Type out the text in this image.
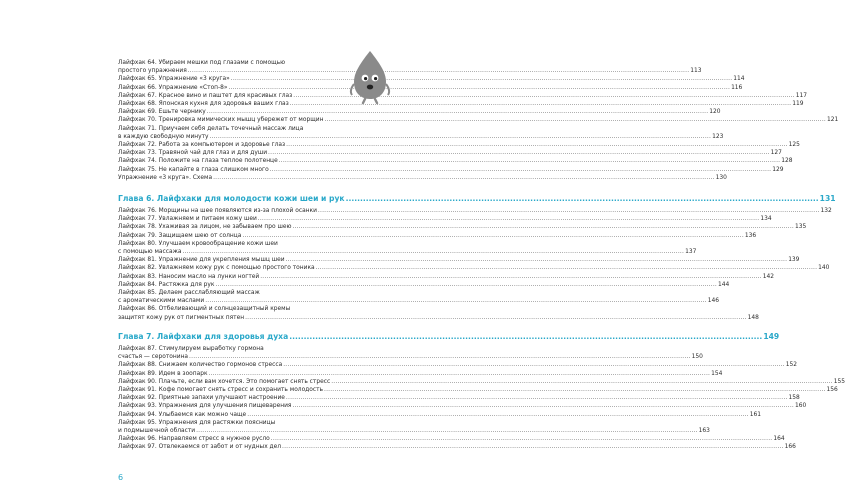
Лайфхак 64. Убираем мешки под глазами с помощью
простого упражнения .....	113
Лайфхак 65. Упражнение «3 круга» .....	114
Лайфхак 66. Упражнение «Стоп-8» .....	116
Лайфхак 67. Красное вино и паштет для красивых глаз .....	117
Лайфхак 68. Японская кухня для здоровья ваших глаз .....	119
Лайфхак 69. Ешьте чернику .....	120
Лайфхак 70. Тренировка мимических мышц убережет от морщин .....	121
Лайфхак 71. Приучаем себя делать точечный массаж лица
в каждую свободную минуту .....	123
Лайфхак 72. Работа за компьютером и здоровье глаз .....	125
Лайфхак 73. Травяной чай для глаз и для души .....	127
Лайфхак 74. Положите на глаза теплое полотенце .....	128
Лайфхак 75. Не капайте в глаза слишком много .....	129
Упражнение «3 круга». Схема .....	130
Глава 6. Лайфхаки для молодости кожи шеи и рук .....	131
Лайфхак 76. Морщины на шее появляются из-за плохой осанки .....	132
Лайфхак 77. Увлажняем и питаем кожу шеи .....	134
Лайфхак 78. Ухаживая за лицом, не забываем про шею .....	135
Лайфхак 79. Защищаем шею от солнца .....	136
Лайфхак 80. Улучшаем кровообращение кожи шеи
с помощью массажа .....	137
Лайфхак 81. Упражнение для укрепления мышц шеи .....	139
Лайфхак 82. Увлажняем кожу рук с помощью простого тоника .....	140
Лайфхак 83. Наносим масло на лунки ногтей .....	142
Лайфхак 84. Растяжка для рук .....	144
Лайфхак 85. Делаем расслабляющий массаж
с ароматическими маслами .....	146
Лайфхак 86. Отбеливающий и солнцезащитный кремы
защитят кожу рук от пигментных пятен .....	148
Глава 7. Лайфхаки для здоровья духа .....	149
Лайфхак 87. Стимулируем выработку гормона
счастья — серотонина .....	150
Лайфхак 88. Снижаем количество гормонов стресса .....	152
Лайфхак 89. Идем в зоопарк .....	154
Лайфхак 90. Плачьте, если вам хочется. Это помогает снять стресс .....	155
Лайфхак 91. Кофе помогает снять стресс и сохранить молодость .....	156
Лайфхак 92. Приятные запахи улучшают настроение .....	158
Лайфхак 93. Упражнения для улучшения пищеварения .....	160
Лайфхак 94. Улыбаемся как можно чаще .....	161
Лайфхак 95. Упражнения для растяжки поясницы
и подмышечной области .....	163
Лайфхак 96. Направляем стресс в нужное русло .....	164
Лайфхак 97. Отвлекаемся от забот и от нудных дел .....	166
6
